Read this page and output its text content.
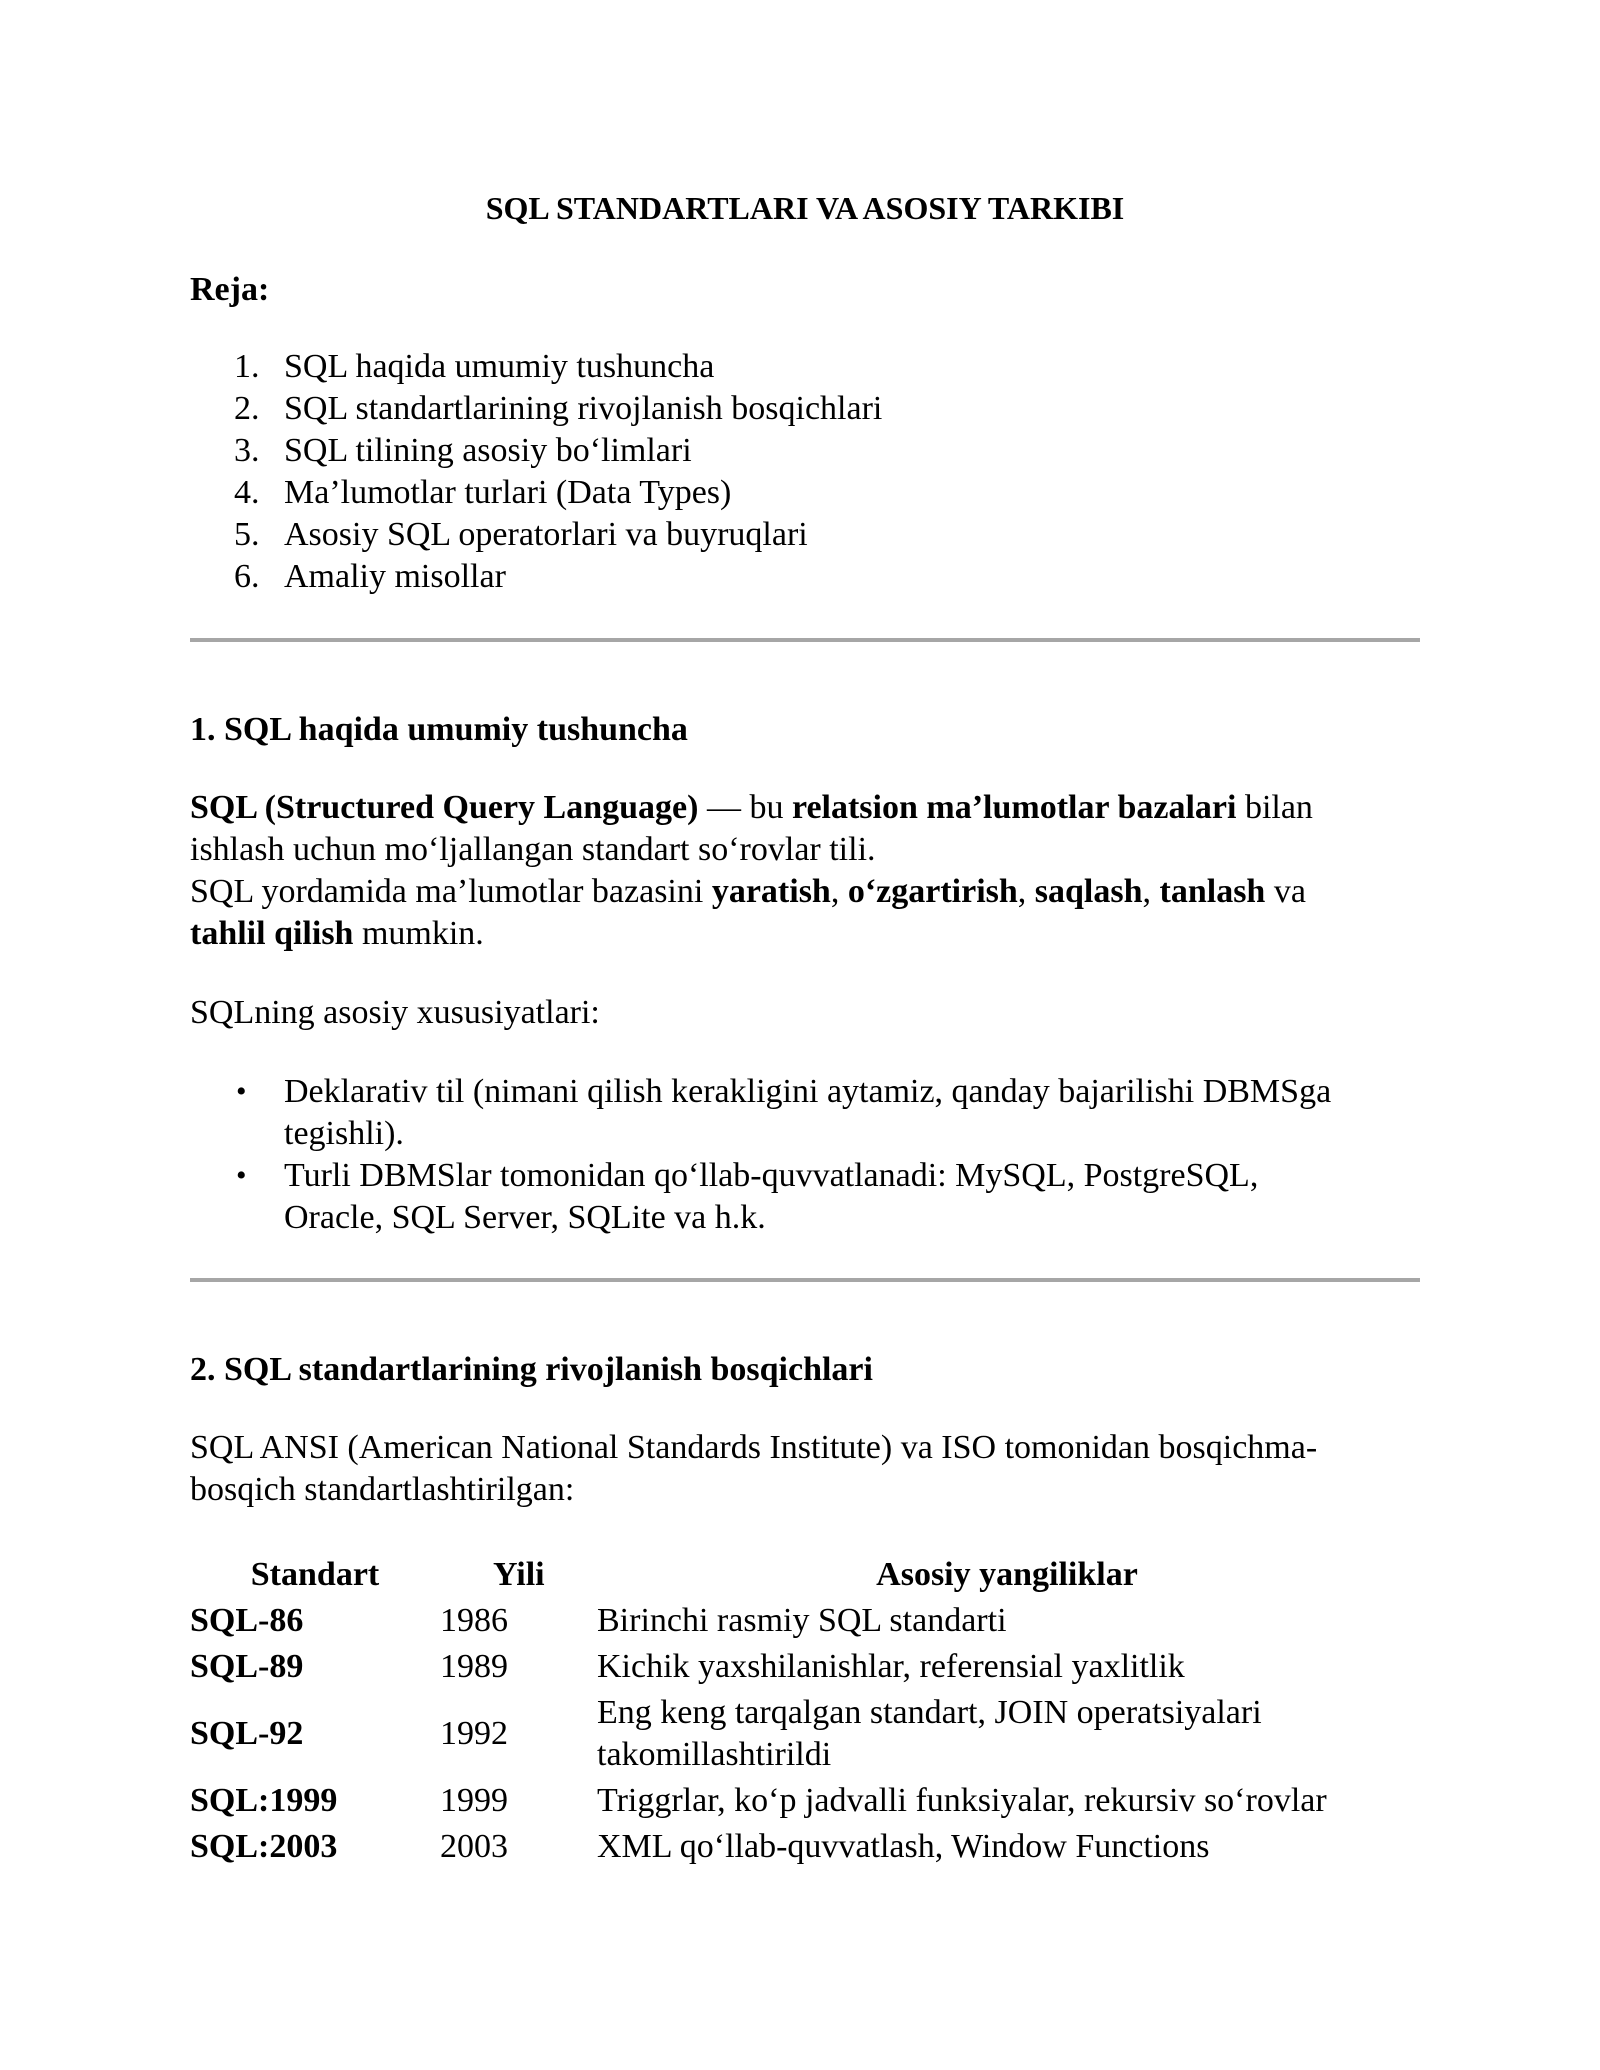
SQL STANDARTLARI VA ASOSIY TARKIBI
Reja:
1. SQL haqida umumiy tushuncha
2. SQL standartlarining rivojlanish bosqichlari
3. SQL tilining asosiy bo‘limlari
4. Ma’lumotlar turlari (Data Types)
5. Asosiy SQL operatorlari va buyruqlari
6. Amaliy misollar
1. SQL haqida umumiy tushuncha
SQL (Structured Query Language) — bu relatsion ma’lumotlar bazalari bilan
ishlash uchun mo‘ljallangan standart so‘rovlar tili.
SQL yordamida ma’lumotlar bazasini yaratish, o‘zgartirish, saqlash, tanlash va
tahlil qilish mumkin.
SQLning asosiy xususiyatlari:
• Deklarativ til (nimani qilish kerakligini aytamiz, qanday bajarilishi DBMSga
tegishli).
• Turli DBMSlar tomonidan qo‘llab-quvvatlanadi: MySQL, PostgreSQL,
Oracle, SQL Server, SQLite va h.k.
2. SQL standartlarining rivojlanish bosqichlari
SQL ANSI (American National Standards Institute) va ISO tomonidan bosqichma-
bosqich standartlashtirilgan:
Standart	Yili	Asosiy yangiliklar
SQL-86	1986	Birinchi rasmiy SQL standarti
SQL-89	1989	Kichik yaxshilanishlar, referensial yaxlitlik
SQL-92	1992	Eng keng tarqalgan standart, JOIN operatsiyalari
takomillashtirildi

SQL:1999	1999	Triggrlar, ko‘p jadvalli funksiyalar, rekursiv so‘rovlar
SQL:2003	2003	XML qo‘llab-quvvatlash, Window Functions
